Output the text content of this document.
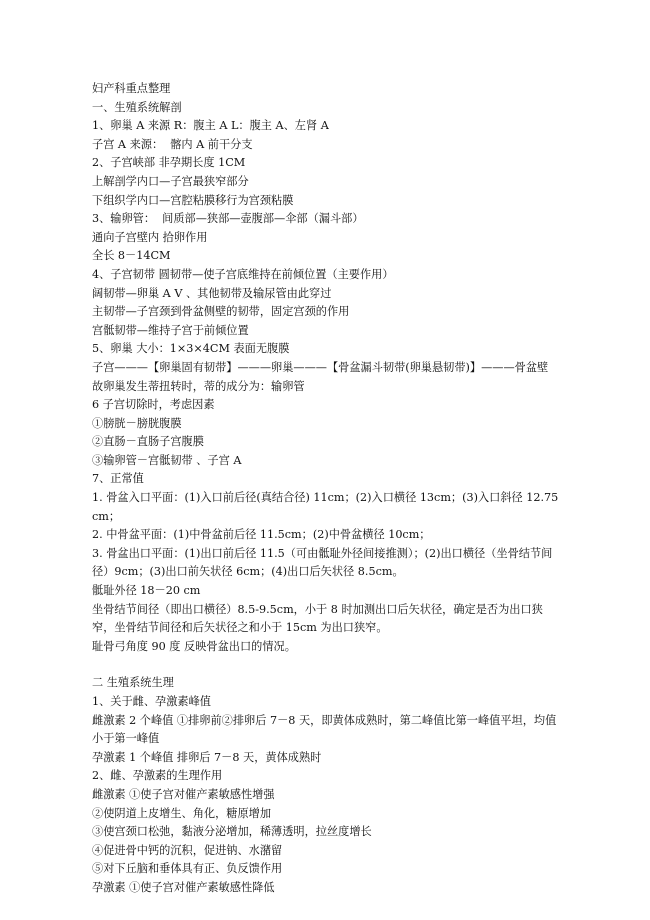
妇产科重点整理
一、生殖系统解剖
1、卵巢 A 来源 R：腹主 A L：腹主 A、左肾 A
子宫 A 来源：  髂内 A 前干分支
2、子宫峡部 非孕期长度 1CM
上解剖学内口—子宫最狭窄部分
下组织学内口—宫腔粘膜移行为宫颈粘膜
3、输卵管：  间质部—狭部—壶腹部—伞部（漏斗部）
通向子宫壁内 拾卵作用
全长 8－14CM
4、子宫韧带 圆韧带—使子宫底维持在前倾位置（主要作用）
阔韧带—卵巢 A V 、其他韧带及输尿管由此穿过
主韧带—子宫颈到骨盆侧壁的韧带，固定宫颈的作用
宫骶韧带—维持子宫于前倾位置
5、卵巢 大小：1×3×4CM 表面无腹膜
子宫———【卵巢固有韧带】———卵巢———【骨盆漏斗韧带(卵巢悬韧带)】———骨盆壁
故卵巢发生蒂扭转时，蒂的成分为：输卵管
6 子宫切除时，考虑因素
①膀胱－膀胱腹膜
②直肠－直肠子宫腹膜
③输卵管－宫骶韧带 、子宫 A
7、正常值
1. 骨盆入口平面：(1)入口前后径(真结合径) 11cm；(2)入口横径 13cm；(3)入口斜径 12.75cm；
2. 中骨盆平面：(1)中骨盆前后径 11.5cm；(2)中骨盆横径 10cm；
3. 骨盆出口平面：(1)出口前后径 11.5（可由骶耻外径间接推测）；(2)出口横径（坐骨结节间径）9cm；(3)出口前矢状径 6cm；(4)出口后矢状径 8.5cm。
骶耻外径 18－20 cm
坐骨结节间径（即出口横径）8.5-9.5cm，小于 8 时加测出口后矢状径，确定是否为出口狭窄，坐骨结节间径和后矢状径之和小于 15cm 为出口狭窄。
耻骨弓角度 90 度 反映骨盆出口的情况。
二 生殖系统生理
1、关于雌、孕激素峰值
雌激素 2 个峰值 ①排卵前②排卵后 7－8 天，即黄体成熟时，第二峰值比第一峰值平坦，均值小于第一峰值
孕激素 1 个峰值 排卵后 7－8 天，黄体成熟时
2、雌、孕激素的生理作用
雌激素 ①使子宫对催产素敏感性增强
②使阴道上皮增生、角化，糖原增加
③使宫颈口松弛，黏液分泌增加，稀薄透明，拉丝度增长
④促进骨中钙的沉积，促进钠、水潴留
⑤对下丘脑和垂体具有正、负反馈作用
孕激素 ①使子宫对催产素敏感性降低
